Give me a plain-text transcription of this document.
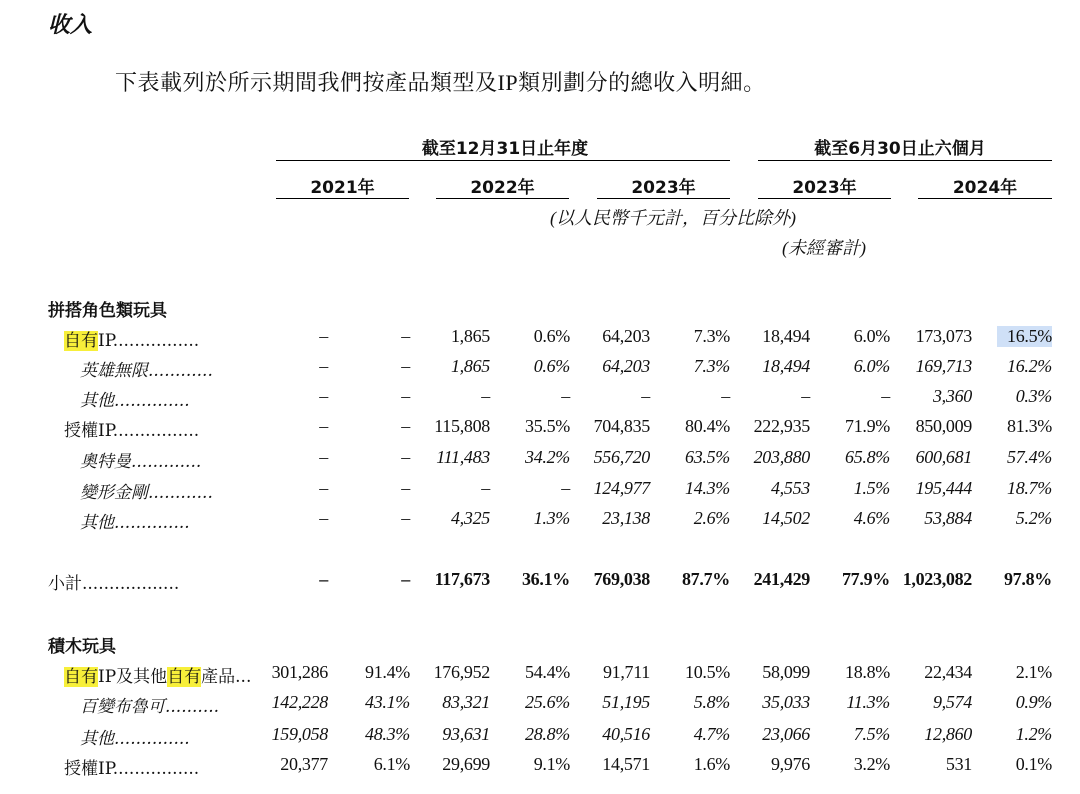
收入
下表載列於所示期間我們按產品類型及IP類別劃分的總收入明細。
截至12月31日止年度	截至6月30日止六個月
2021年	2022年	2023年	2023年	2024年
(以人民幣千元計，百分比除外)
(未經審計)
拼搭角色類玩具
自有IP................	–	–	1,865	0.6%	64,203	7.3%	18,494	6.0%	173,073	16.5%
英雄無限............	–	–	1,865	0.6%	64,203	7.3%	18,494	6.0%	169,713	16.2%
其他..............	–	–	–	–	–	–	–	–	3,360	0.3%
授權IP................	–	–	115,808	35.5%	704,835	80.4%	222,935	71.9%	850,009	81.3%
奧特曼.............	–	–	111,483	34.2%	556,720	63.5%	203,880	65.8%	600,681	57.4%
變形金剛............	–	–	–	–	124,977	14.3%	4,553	1.5%	195,444	18.7%
其他..............	–	–	4,325	1.3%	23,138	2.6%	14,502	4.6%	53,884	5.2%
小計..................	–	–	117,673	36.1%	769,038	87.7%	241,429	77.9% 1,023,082	97.8%
積木玩具
自有IP及其他自有產品...	301,286 91.4%	176,952	54.4%	91,711	10.5%	58,099	18.8%	22,434	2.1%
百變布魯可..........	142,228 43.1%	83,321	25.6%	51,195	5.8%	35,033	11.3%	9,574	0.9%
其他..............	159,058 48.3%	93,631	28.8%	40,516	4.7%	23,066	7.5%	12,860	1.2%
授權IP................	20,377	6.1%	29,699	9.1%	14,571	1.6%	9,976	3.2%	531	0.1%
